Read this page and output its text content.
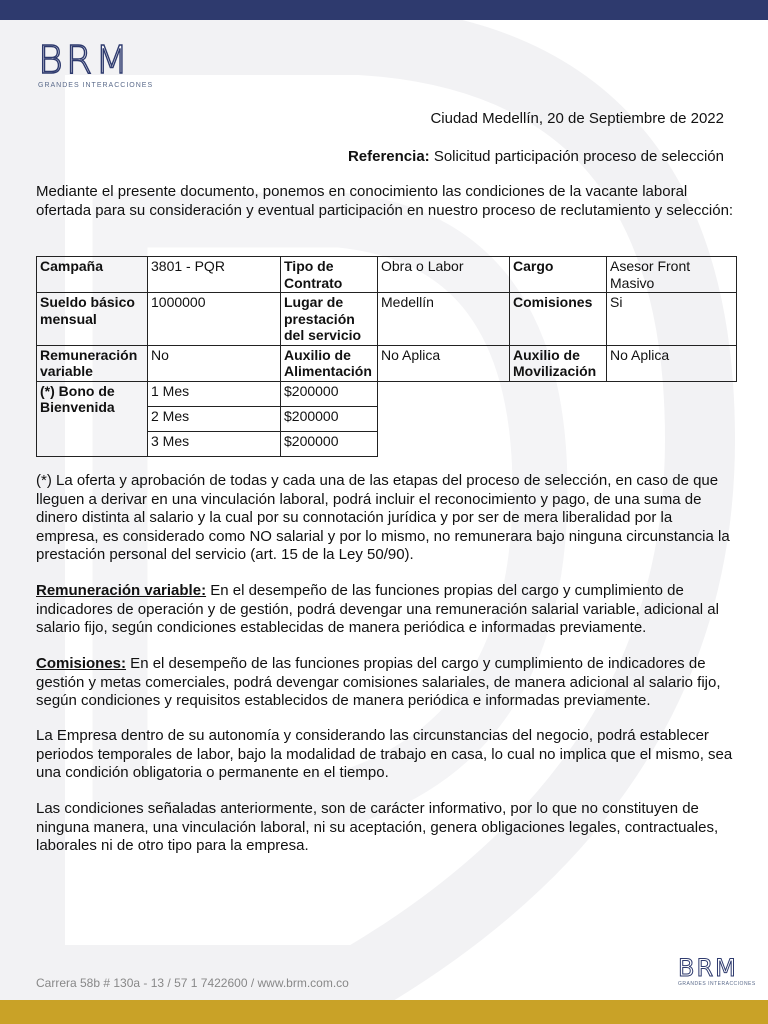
BRM
GRANDES INTERACCIONES
Ciudad Medellín, 20 de Septiembre de 2022
Referencia: Solicitud participación proceso de selección
Mediante el presente documento, ponemos en conocimiento las condiciones de la vacante laboral ofertada para su consideración y eventual participación en nuestro proceso de reclutamiento y selección:
Campaña	3801 - PQR	Tipo de Contrato	Obra o Labor	Cargo	Asesor Front Masivo
Sueldo básico mensual	1000000	Lugar de prestación del servicio	Medellín	Comisiones	Si
Remuneración variable	No	Auxilio de Alimentación	No Aplica	Auxilio de Movilización	No Aplica
(*) Bono de Bienvenida	1 Mes	$200000			
	2 Mes	$200000			
	3 Mes	$200000			
(*) La oferta y aprobación de todas y cada una de las etapas del proceso de selección, en caso de que lleguen a derivar en una vinculación laboral, podrá incluir el reconocimiento y pago, de una suma de dinero distinta al salario y la cual por su connotación jurídica y por ser de mera liberalidad por la empresa, es considerado como NO salarial y por lo mismo, no remunerara bajo ninguna circunstancia la prestación personal del servicio (art. 15 de la Ley 50/90).
Remuneración variable: En el desempeño de las funciones propias del cargo y cumplimiento de indicadores de operación y de gestión, podrá devengar una remuneración salarial variable, adicional al salario fijo, según condiciones establecidas de manera periódica e informadas previamente.
Comisiones: En el desempeño de las funciones propias del cargo y cumplimiento de indicadores de gestión y metas comerciales, podrá devengar comisiones salariales, de manera adicional al salario fijo, según condiciones y requisitos establecidos de manera periódica e informadas previamente.
La Empresa dentro de su autonomía y considerando las circunstancias del negocio, podrá establecer periodos temporales de labor, bajo la modalidad de trabajo en casa, lo cual no implica que el mismo, sea una condición obligatoria o permanente en el tiempo.
Las condiciones señaladas anteriormente, son de carácter informativo, por lo que no constituyen de ninguna manera, una vinculación laboral, ni su aceptación, genera obligaciones legales, contractuales, laborales ni de otro tipo para la empresa.
Carrera 58b # 130a - 13 / 57 1 7422600 / www.brm.com.co
BRM
GRANDES INTERACCIONES
